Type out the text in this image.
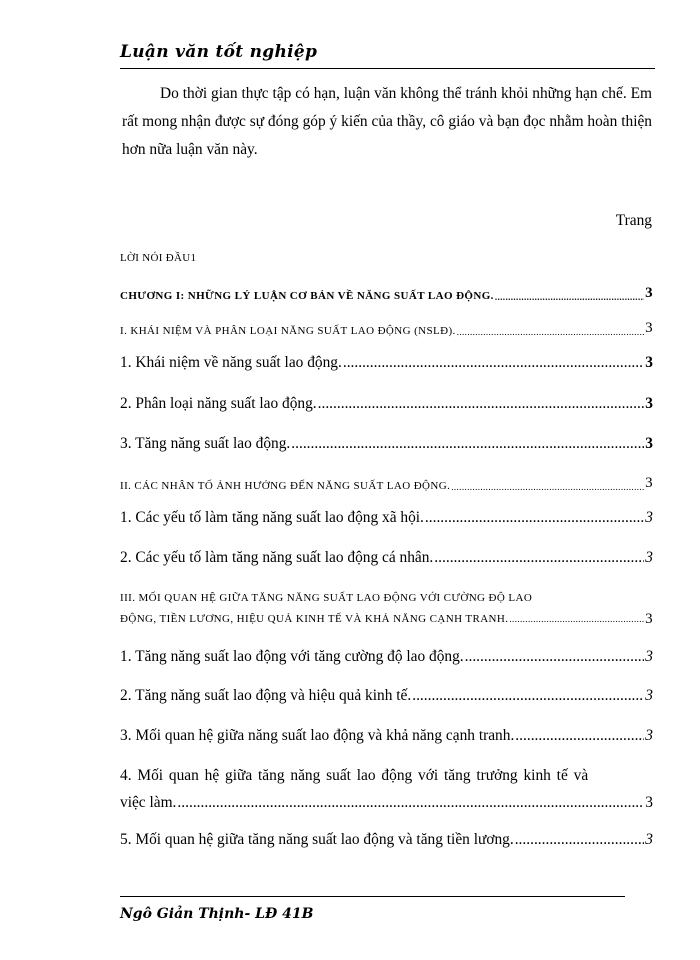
Luận văn tốt nghiệp

Do thời gian thực tập có hạn, luận văn không thể tránh khỏi những hạn chế. Em rất mong nhận được sự đóng góp ý kiến của thầy, cô giáo và bạn đọc nhằm hoàn thiện hơn nữa luận văn này.

Trang
LỜI NÓI ĐẦU1
CHƯƠNG I: NHỮNG LÝ LUẬN CƠ BẢN VỀ NĂNG SUẤT LAO ĐỘNG. .....	3
I. KHÁI NIỆM VÀ PHÂN LOẠI NĂNG SUẤT LAO ĐỘNG (NSLĐ). .....	3
1. Khái niệm về năng suất lao động. .....	3
2. Phân loại năng suất lao động. .....	3
3. Tăng năng suất lao động. .....	3
II. CÁC NHÂN TỐ ẢNH HƯỞNG ĐẾN NĂNG SUẤT LAO ĐỘNG. .....	3
1. Các yếu tố làm tăng năng suất lao động xã hội. .....	3
2. Các yếu tố làm tăng năng suất lao động cá nhân. .....	3
III. MỐI QUAN HỆ GIỮA TĂNG NĂNG SUẤT LAO ĐỘNG VỚI CƯỜNG ĐỘ LAO
ĐỘNG, TIỀN LƯƠNG, HIỆU QUẢ KINH TẾ VÀ KHẢ NĂNG CẠNH TRANH. .....	3
1. Tăng năng suất lao động với tăng cường độ lao động. .....	3
2. Tăng năng suất lao động và hiệu quả kinh tế. .....	3
3. Mối quan hệ giữa năng suất lao động và khả năng cạnh tranh. .....	3
4. Mối quan hệ giữa tăng năng suất lao động với tăng trưởng kinh tế và
việc làm. .....	3
5. Mối quan hệ giữa tăng năng suất lao động và tăng tiền lương. .....	3
Ngô Giản Thịnh- LĐ 41B
